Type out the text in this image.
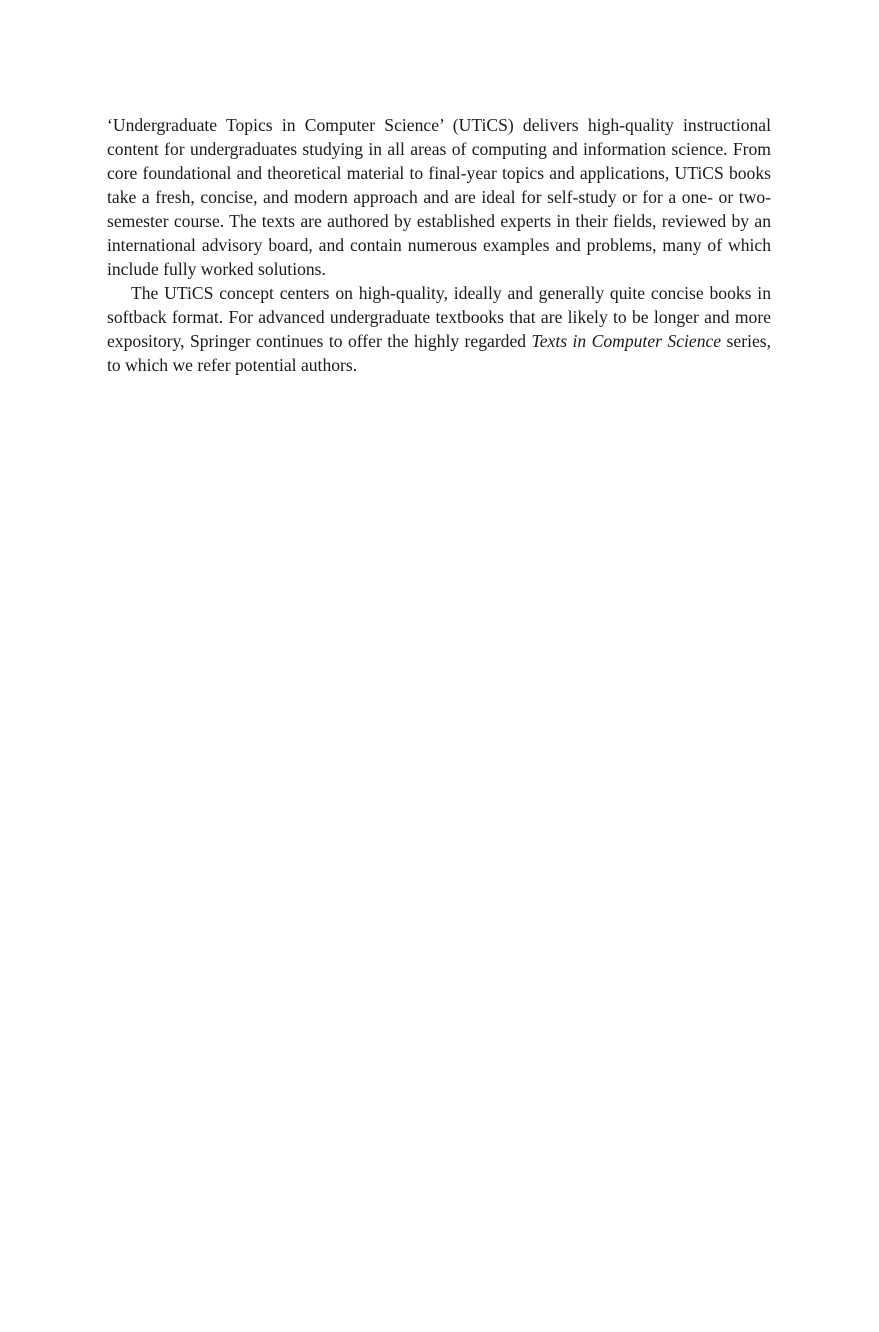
‘Undergraduate Topics in Computer Science’ (UTiCS) delivers high-quality instructional content for undergraduates studying in all areas of computing and information science. From core foundational and theoretical material to final-year topics and applications, UTiCS books take a fresh, concise, and modern approach and are ideal for self-study or for a one- or two-semester course. The texts are authored by established experts in their fields, reviewed by an international advisory board, and contain numerous examples and problems, many of which include fully worked solutions.

The UTiCS concept centers on high-quality, ideally and generally quite concise books in softback format. For advanced undergraduate textbooks that are likely to be longer and more expository, Springer continues to offer the highly regarded Texts in Computer Science series, to which we refer potential authors.
